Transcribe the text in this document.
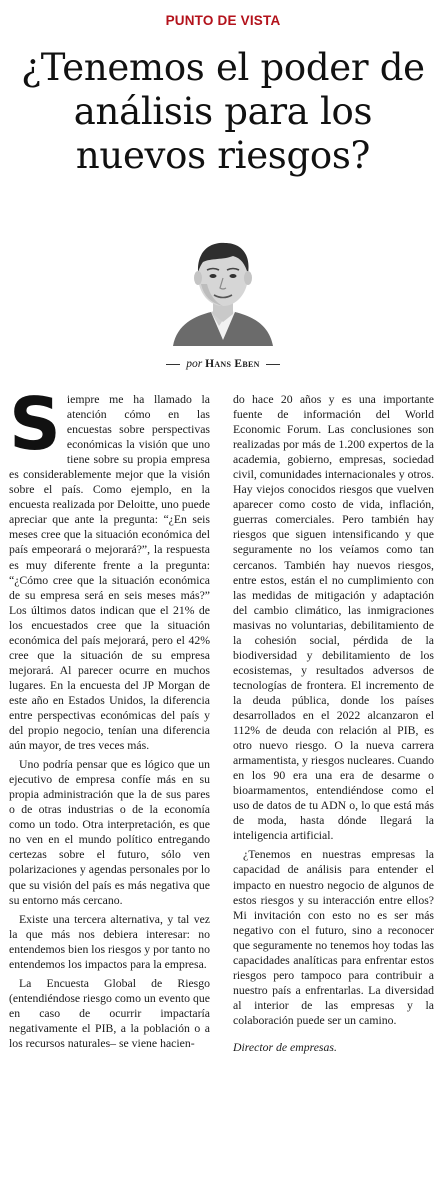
PUNTO DE VISTA
¿Tenemos el poder de análisis para los nuevos riesgos?
por Hans Eben

Siempre me ha llamado la atención cómo en las encuestas sobre perspectivas económicas la visión que uno tiene sobre su propia empresa es considerablemente mejor que la visión sobre el país. Como ejemplo, en la encuesta realizada por Deloitte, uno puede apreciar que ante la pregunta: “¿En seis meses cree que la situación económica del país empeorará o mejorará?”, la respuesta es muy diferente frente a la pregunta: “¿Cómo cree que la situación económica de su empresa será en seis meses más?” Los últimos datos indican que el 21% de los encuestados cree que la situación económica del país mejorará, pero el 42% cree que la situación de su empresa mejorará. Al parecer ocurre en muchos lugares. En la encuesta del JP Morgan de este año en Estados Unidos, la diferencia entre perspectivas económicas del país y del propio negocio, tenían una diferencia aún mayor, de tres veces más.

Uno podría pensar que es lógico que un ejecutivo de empresa confíe más en su propia administración que la de sus pares o de otras industrias o de la economía como un todo. Otra interpretación, es que no ven en el mundo político entregando certezas sobre el futuro, sólo ven polarizaciones y agendas personales por lo que su visión del país es más negativa que su entorno más cercano.

Existe una tercera alternativa, y tal vez la que más nos debiera interesar: no entendemos bien los riesgos y por tanto no entendemos los impactos para la empresa.

La Encuesta Global de Riesgo (entendiéndose riesgo como un evento que en caso de ocurrir impactaría negativamente el PIB, a la población o a los recursos naturales– se viene hacien-

do hace 20 años y es una importante fuente de información del World Economic Forum. Las conclusiones son realizadas por más de 1.200 expertos de la academia, gobierno, empresas, sociedad civil, comunidades internacionales y otros. Hay viejos conocidos riesgos que vuelven aparecer como costo de vida, inflación, guerras comerciales. Pero también hay riesgos que siguen intensificando y que seguramente no los veíamos como tan cercanos. También hay nuevos riesgos, entre estos, están el no cumplimiento con las medidas de mitigación y adaptación del cambio climático, las inmigraciones masivas no voluntarias, debilitamiento de la cohesión social, pérdida de la biodiversidad y debilitamiento de los ecosistemas, y resultados adversos de tecnologías de frontera. El incremento de la deuda pública, donde los países desarrollados en el 2022 alcanzaron el 112% de deuda con relación al PIB, es otro nuevo riesgo. O la nueva carrera armamentista, y riesgos nucleares. Cuando en los 90 era una era de desarme o bioarmamentos, entendiéndose como el uso de datos de tu ADN o, lo que está más de moda, hasta dónde llegará la inteligencia artificial.

¿Tenemos en nuestras empresas la capacidad de análisis para entender el impacto en nuestro negocio de algunos de estos riesgos y su interacción entre ellos? Mi invitación con esto no es ser más negativo con el futuro, sino a reconocer que seguramente no tenemos hoy todas las capacidades analíticas para enfrentar estos riesgos pero tampoco para contribuir a nuestro país a enfrentarlas. La diversidad al interior de las empresas y la colaboración puede ser un camino.

Director de empresas.
